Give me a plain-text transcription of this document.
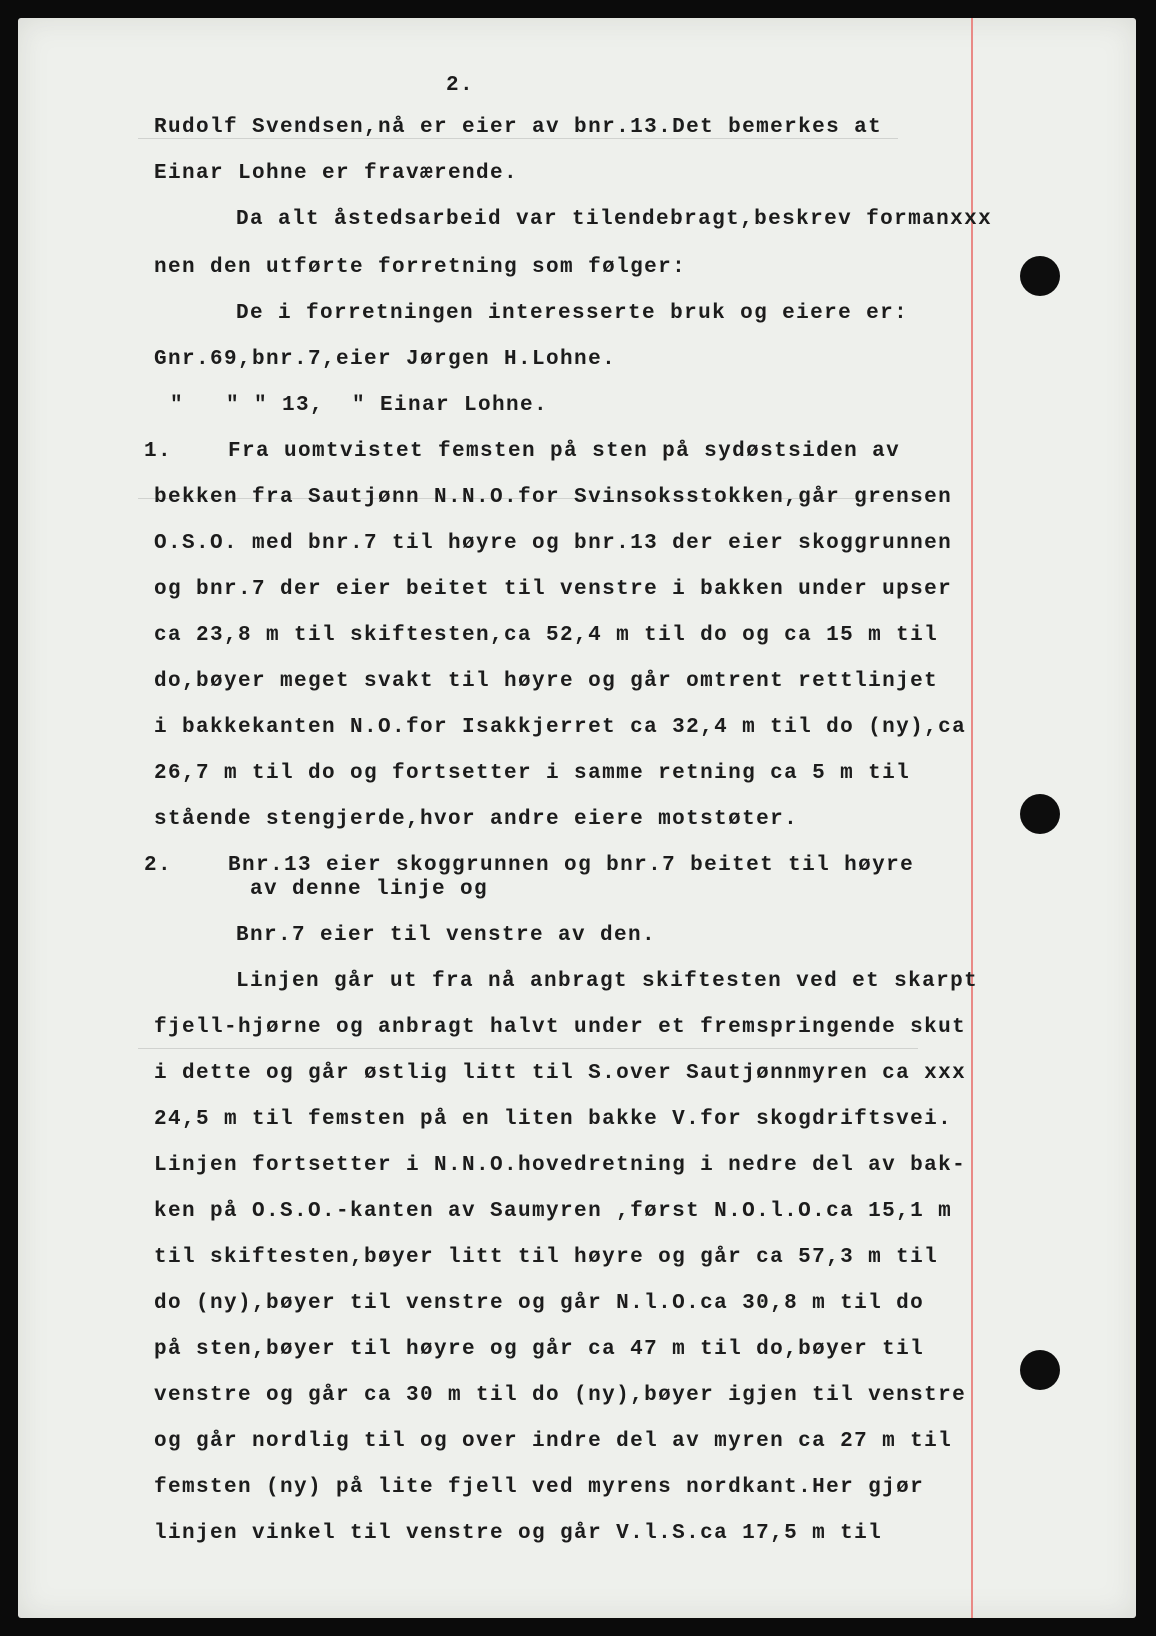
2.
Rudolf Svendsen,nå er eier av bnr.13.Det bemerkes at
Einar Lohne er fraværende.
Da alt åstedsarbeid var tilendebragt,beskrev formanxxx
nen den utførte forretning som følger:
De i forretningen interesserte bruk og eiere er:
Gnr.69,bnr.7,eier Jørgen H.Lohne.
"   " " 13,  " Einar Lohne.
1.    Fra uomtvistet femsten på sten på sydøstsiden av
bekken fra Sautjønn N.N.O.for Svinsoksstokken,går grensen
O.S.O. med bnr.7 til høyre og bnr.13 der eier skoggrunnen
og bnr.7 der eier beitet til venstre i bakken under upser
ca 23,8 m til skiftesten,ca 52,4 m til do og ca 15 m til
do,bøyer meget svakt til høyre og går omtrent rettlinjet
i bakkekanten N.O.for Isakkjerret ca 32,4 m til do (ny),ca
26,7 m til do og fortsetter i samme retning ca 5 m til
stående stengjerde,hvor andre eiere motstøter.
2.    Bnr.13 eier skoggrunnen og bnr.7 beitet til høyre
av denne linje og
Bnr.7 eier til venstre av den.
Linjen går ut fra nå anbragt skiftesten ved et skarpt
fjell-hjørne og anbragt halvt under et fremspringende skut
i dette og går østlig litt til S.over Sautjønnmyren ca xxx
24,5 m til femsten på en liten bakke V.for skogdriftsvei.
Linjen fortsetter i N.N.O.hovedretning i nedre del av bak-
ken på O.S.O.-kanten av Saumyren ,først N.O.l.O.ca 15,1 m
til skiftesten,bøyer litt til høyre og går ca 57,3 m til
do (ny),bøyer til venstre og går N.l.O.ca 30,8 m til do
på sten,bøyer til høyre og går ca 47 m til do,bøyer til
venstre og går ca 30 m til do (ny),bøyer igjen til venstre
og går nordlig til og over indre del av myren ca 27 m til
femsten (ny) på lite fjell ved myrens nordkant.Her gjør
linjen vinkel til venstre og går V.l.S.ca 17,5 m til
